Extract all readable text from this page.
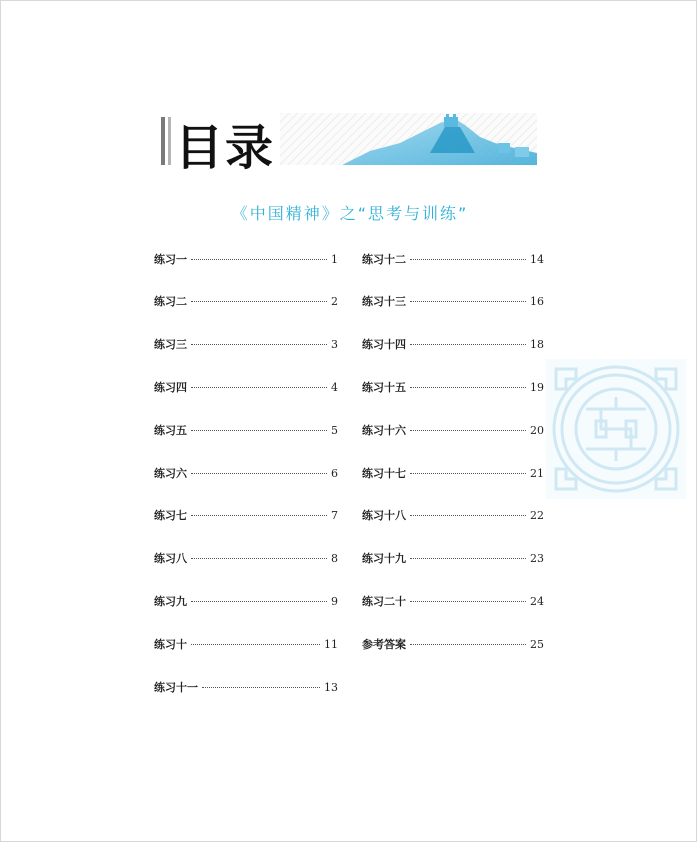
目录
《中国精神》之“思考与训练”
练习一	1
练习二	2
练习三	3
练习四	4
练习五	5
练习六	6
练习七	7
练习八	8
练习九	9
练习十	11
练习十一	13
练习十二	14
练习十三	16
练习十四	18
练习十五	19
练习十六	20
练习十七	21
练习十八	22
练习十九	23
练习二十	24
参考答案	25
